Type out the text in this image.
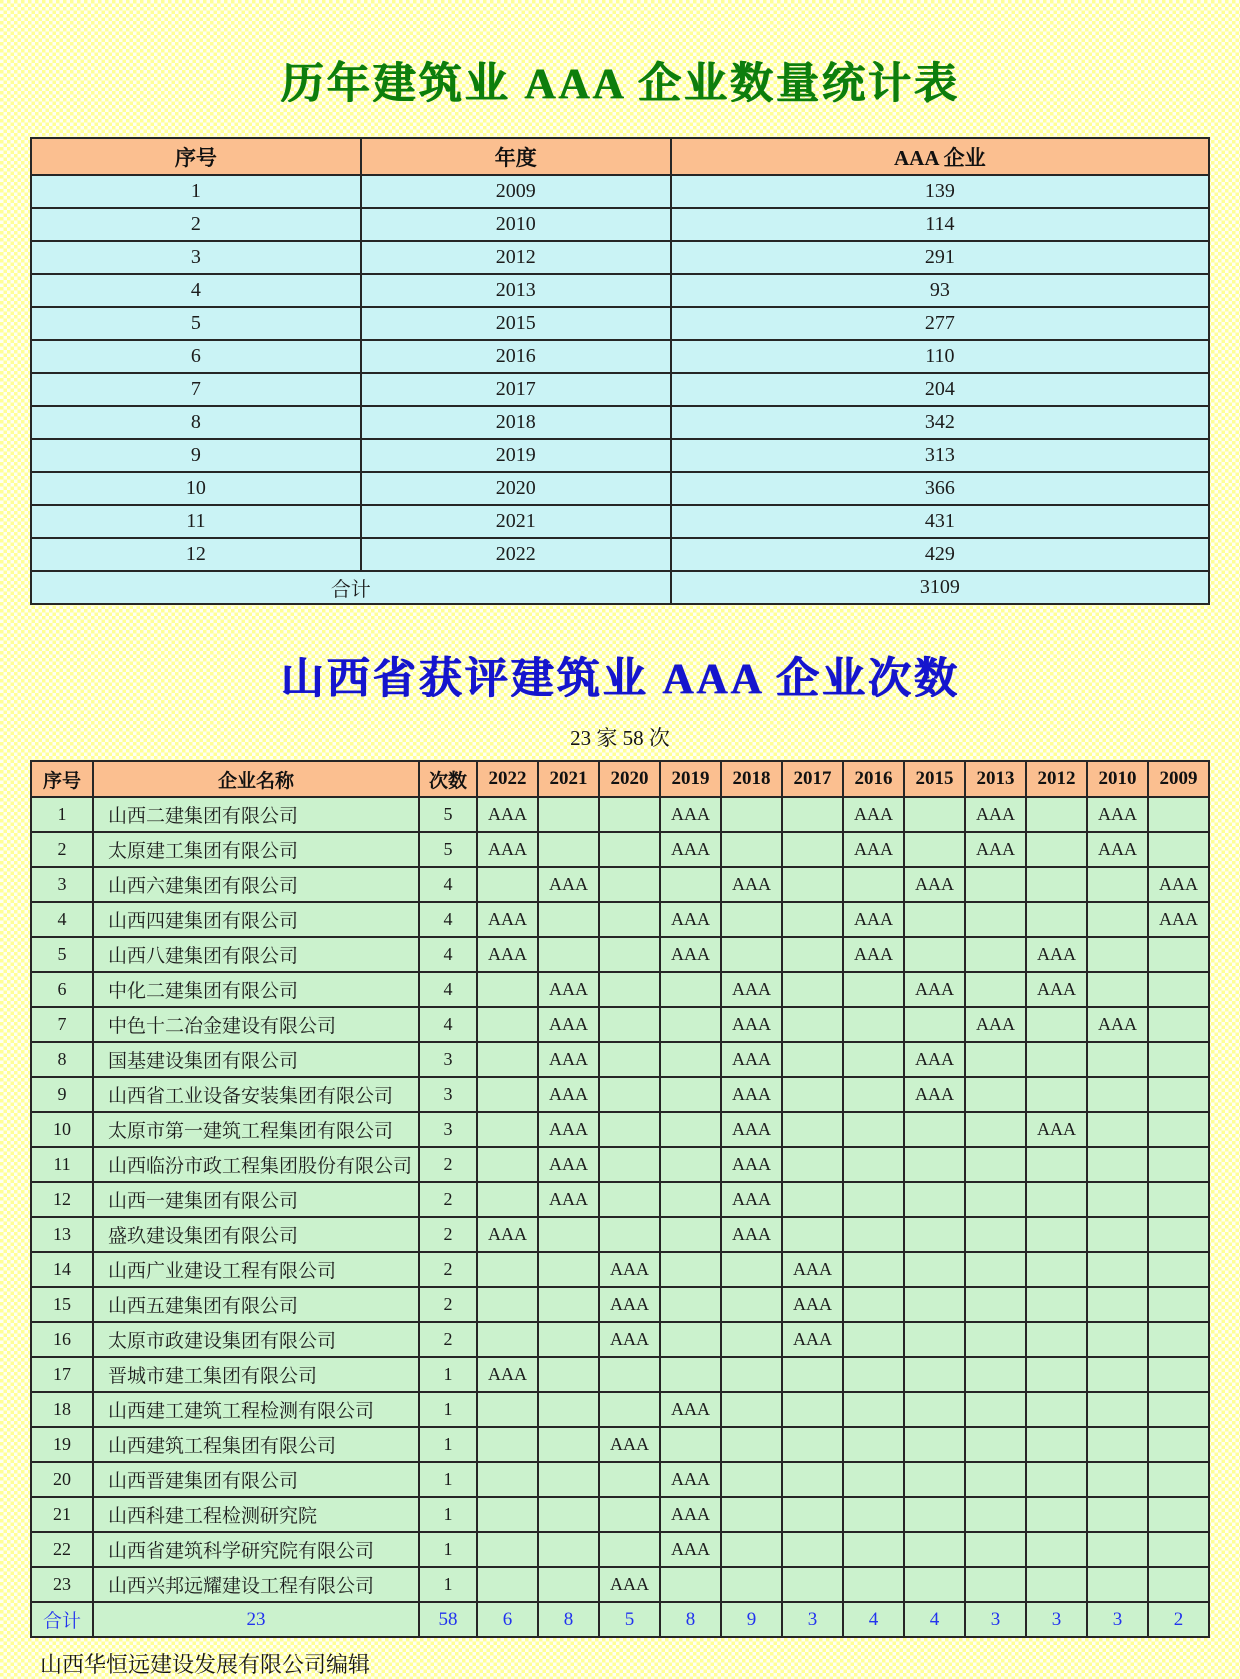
历年建筑业 AAA 企业数量统计表
序号	年度	AAA 企业
1	2009	139
2	2010	114
3	2012	291
4	2013	93
5	2015	277
6	2016	110
7	2017	204
8	2018	342
9	2019	313
10	2020	366
11	2021	431
12	2022	429
合计		3109
山西省获评建筑业 AAA 企业次数
23 家 58 次
序号	企业名称	次数	2022	2021	2020	2019	2018	2017	2016	2015	2013	2012	2010	2009
1	山西二建集团有限公司	5	AAA			AAA			AAA		AAA		AAA	
2	太原建工集团有限公司	5	AAA			AAA			AAA		AAA		AAA	
3	山西六建集团有限公司	4		AAA			AAA			AAA				AAA
4	山西四建集团有限公司	4	AAA			AAA			AAA					AAA
5	山西八建集团有限公司	4	AAA			AAA			AAA			AAA		
6	中化二建集团有限公司	4		AAA			AAA			AAA		AAA		
7	中色十二冶金建设有限公司	4		AAA			AAA				AAA		AAA	
8	国基建设集团有限公司	3		AAA			AAA			AAA				
9	山西省工业设备安装集团有限公司	3		AAA			AAA			AAA				
10	太原市第一建筑工程集团有限公司	3		AAA			AAA					AAA		
11	山西临汾市政工程集团股份有限公司	2		AAA			AAA							
12	山西一建集团有限公司	2		AAA			AAA							
13	盛玖建设集团有限公司	2	AAA				AAA							
14	山西广业建设工程有限公司	2			AAA			AAA						
15	山西五建集团有限公司	2			AAA			AAA						
16	太原市政建设集团有限公司	2			AAA			AAA						
17	晋城市建工集团有限公司	1	AAA											
18	山西建工建筑工程检测有限公司	1				AAA								
19	山西建筑工程集团有限公司	1			AAA									
20	山西晋建集团有限公司	1				AAA								
21	山西科建工程检测研究院	1				AAA								
22	山西省建筑科学研究院有限公司	1				AAA								
23	山西兴邦远耀建设工程有限公司	1			AAA									
合计	23	58	6	8	5	8	9	3	4	4	3	3	3	2
山西华恒远建设发展有限公司编辑
